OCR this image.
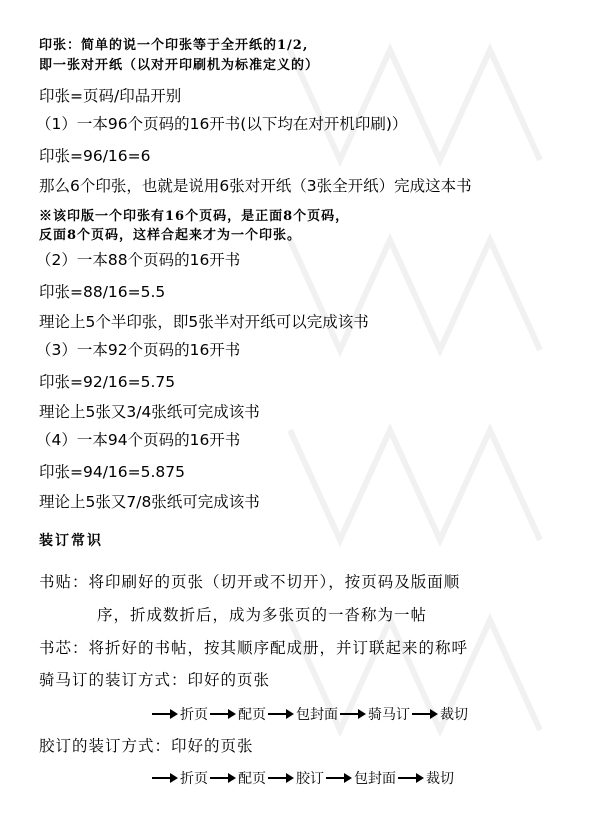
印张：简单的说一个印张等于全开纸的1/2,
即一张对开纸（以对开印刷机为标准定义的）
印张=页码/印品开别
（1）一本96个页码的16开书(以下均在对开机印刷)）
印张=96/16=6
那么6个印张，也就是说用6张对开纸（3张全开纸）完成这本书
※该印版一个印张有16个页码，是正面8个页码，
反面8个页码，这样合起来才为一个印张。
（2）一本88个页码的16开书
印张=88/16=5.5
理论上5个半印张，即5张半对开纸可以完成该书
（3）一本92个页码的16开书
印张=92/16=5.75
理论上5张又3/4张纸可完成该书
（4）一本94个页码的16开书
印张=94/16=5.875
理论上5张又7/8张纸可完成该书
装订常识
书贴：将印刷好的页张（切开或不切开），按页码及版面顺
序，折成数折后，成为多张页的一沓称为一帖
书芯：将折好的书帖，按其顺序配成册，并订联起来的称呼
骑马订的装订方式：印好的页张
折页 配页 包封面 骑马订 裁切
胶订的装订方式：印好的页张
折页 配页 胶订 包封面 裁切
